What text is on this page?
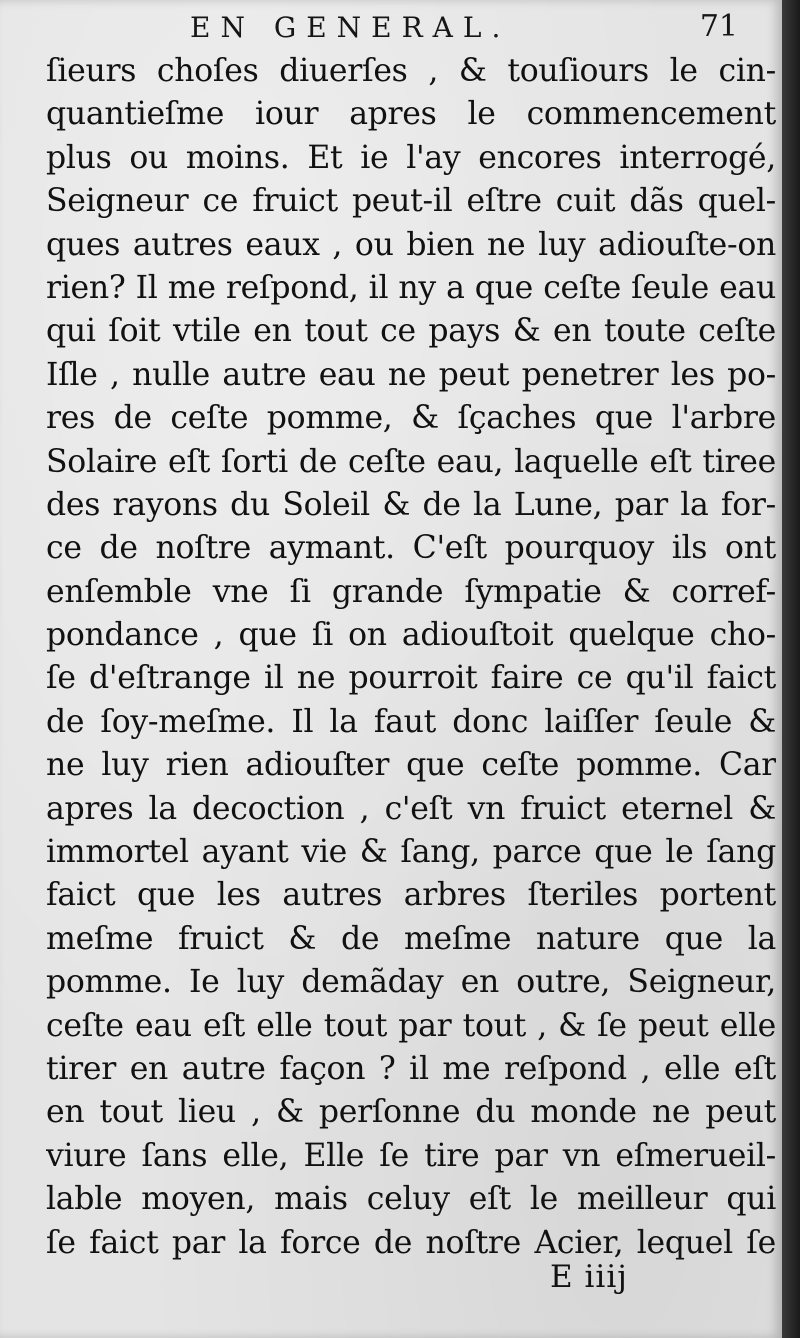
EN GENERAL.	71
ſieurs choſes diuerſes , & touſiours le cin-
quantieſme iour apres le commencement
plus ou moins. Et ie l'ay encores interrogé,
Seigneur ce fruict peut-il eſtre cuit dãs quel-
ques autres eaux , ou bien ne luy adiouſte-on
rien? Il me reſpond, il ny a que ceſte ſeule eau
qui ſoit vtile en tout ce pays & en toute ceſte
Iſle , nulle autre eau ne peut penetrer les po-
res de ceſte pomme, & ſçaches que l'arbre
Solaire eſt ſorti de ceſte eau, laquelle eſt tiree
des rayons du Soleil & de la Lune, par la for-
ce de noſtre aymant. C'eſt pourquoy ils ont
enſemble vne ſi grande ſympatie & corref-
pondance , que ſi on adiouſtoit quelque cho-
ſe d'eſtrange il ne pourroit faire ce qu'il faict
de ſoy-meſme. Il la faut donc laiſſer ſeule &
ne luy rien adiouſter que ceſte pomme. Car
apres la decoction , c'eſt vn fruict eternel &
immortel ayant vie & ſang, parce que le ſang
faict que les autres arbres ſteriles portent
meſme fruict & de meſme nature que la
pomme. Ie luy demãday en outre, Seigneur,
ceſte eau eſt elle tout par tout , & ſe peut elle
tirer en autre façon ? il me reſpond , elle eſt
en tout lieu , & perſonne du monde ne peut
viure ſans elle, Elle ſe tire par vn eſmerueil-
lable moyen, mais celuy eſt le meilleur qui
ſe faict par la force de noſtre Acier, lequel ſe
E iiij
